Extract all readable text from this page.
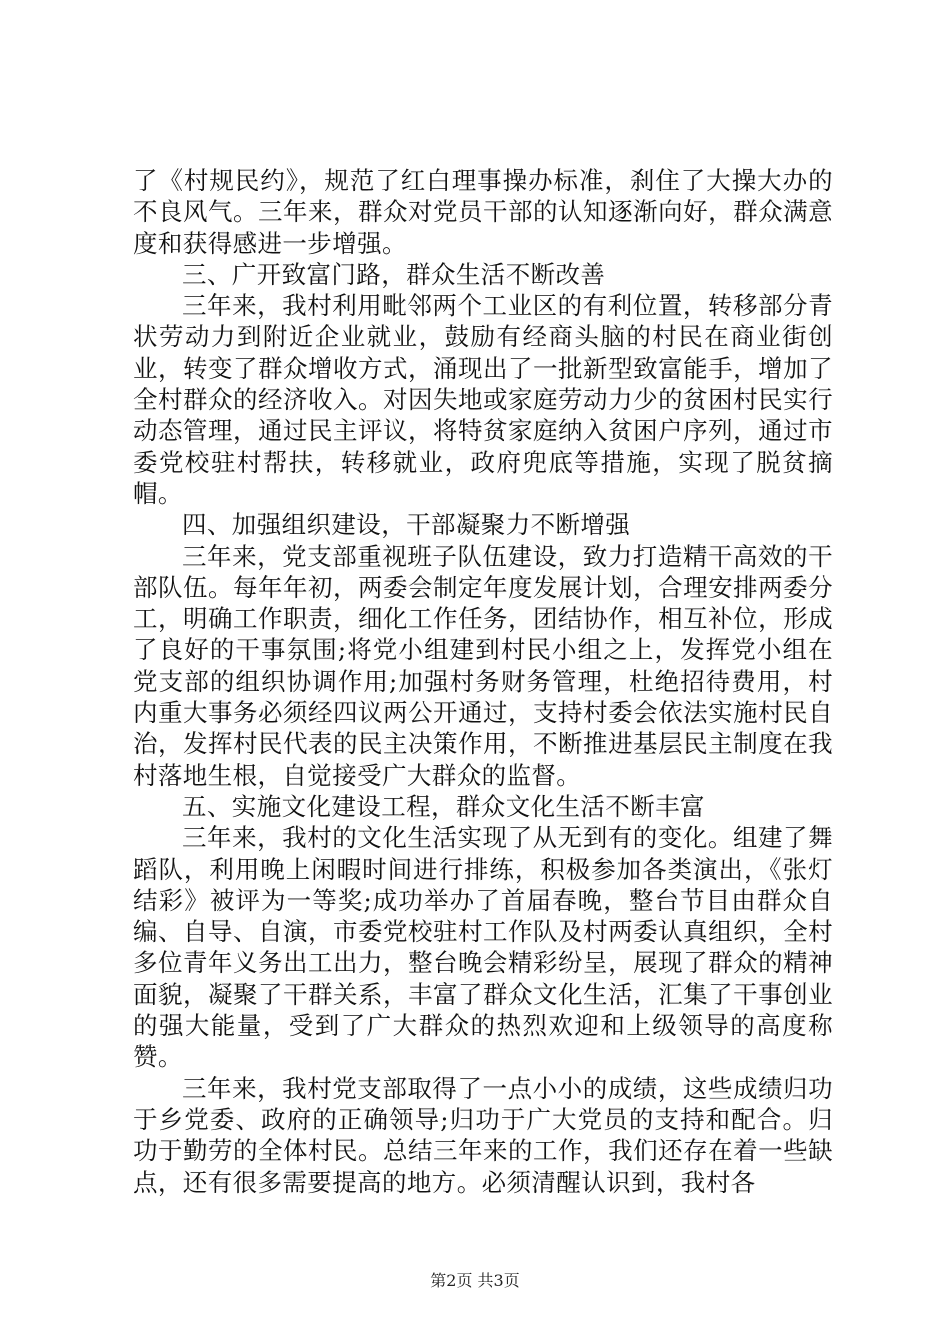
了《村规民约》，规范了红白理事操办标准，刹住了大操大办的不良风气。三年来，群众对党员干部的认知逐渐向好，群众满意度和获得感进一步增强。

三、广开致富门路，群众生活不断改善

三年来，我村利用毗邻两个工业区的有利位置，转移部分青状劳动力到附近企业就业，鼓励有经商头脑的村民在商业街创业，转变了群众增收方式，涌现出了一批新型致富能手，增加了全村群众的经济收入。对因失地或家庭劳动力少的贫困村民实行动态管理，通过民主评议，将特贫家庭纳入贫困户序列，通过市委党校驻村帮扶，转移就业，政府兜底等措施，实现了脱贫摘帽。

四、加强组织建设，干部凝聚力不断增强

三年来，党支部重视班子队伍建设，致力打造精干高效的干部队伍。每年年初，两委会制定年度发展计划，合理安排两委分工，明确工作职责，细化工作任务，团结协作，相互补位，形成了良好的干事氛围;将党小组建到村民小组之上，发挥党小组在党支部的组织协调作用;加强村务财务管理，杜绝招待费用，村内重大事务必须经四议两公开通过，支持村委会依法实施村民自治，发挥村民代表的民主决策作用，不断推进基层民主制度在我村落地生根，自觉接受广大群众的监督。

五、实施文化建设工程，群众文化生活不断丰富

三年来，我村的文化生活实现了从无到有的变化。组建了舞蹈队，利用晚上闲暇时间进行排练，积极参加各类演出，《张灯结彩》被评为一等奖;成功举办了首届春晚，整台节目由群众自编、自导、自演，市委党校驻村工作队及村两委认真组织，全村多位青年义务出工出力，整台晚会精彩纷呈，展现了群众的精神面貌，凝聚了干群关系，丰富了群众文化生活，汇集了干事创业的强大能量，受到了广大群众的热烈欢迎和上级领导的高度称赞。

三年来，我村党支部取得了一点小小的成绩，这些成绩归功于乡党委、政府的正确领导;归功于广大党员的支持和配合。归功于勤劳的全体村民。总结三年来的工作，我们还存在着一些缺点，还有很多需要提高的地方。必须清醒认识到，我村各

第2页 共3页
